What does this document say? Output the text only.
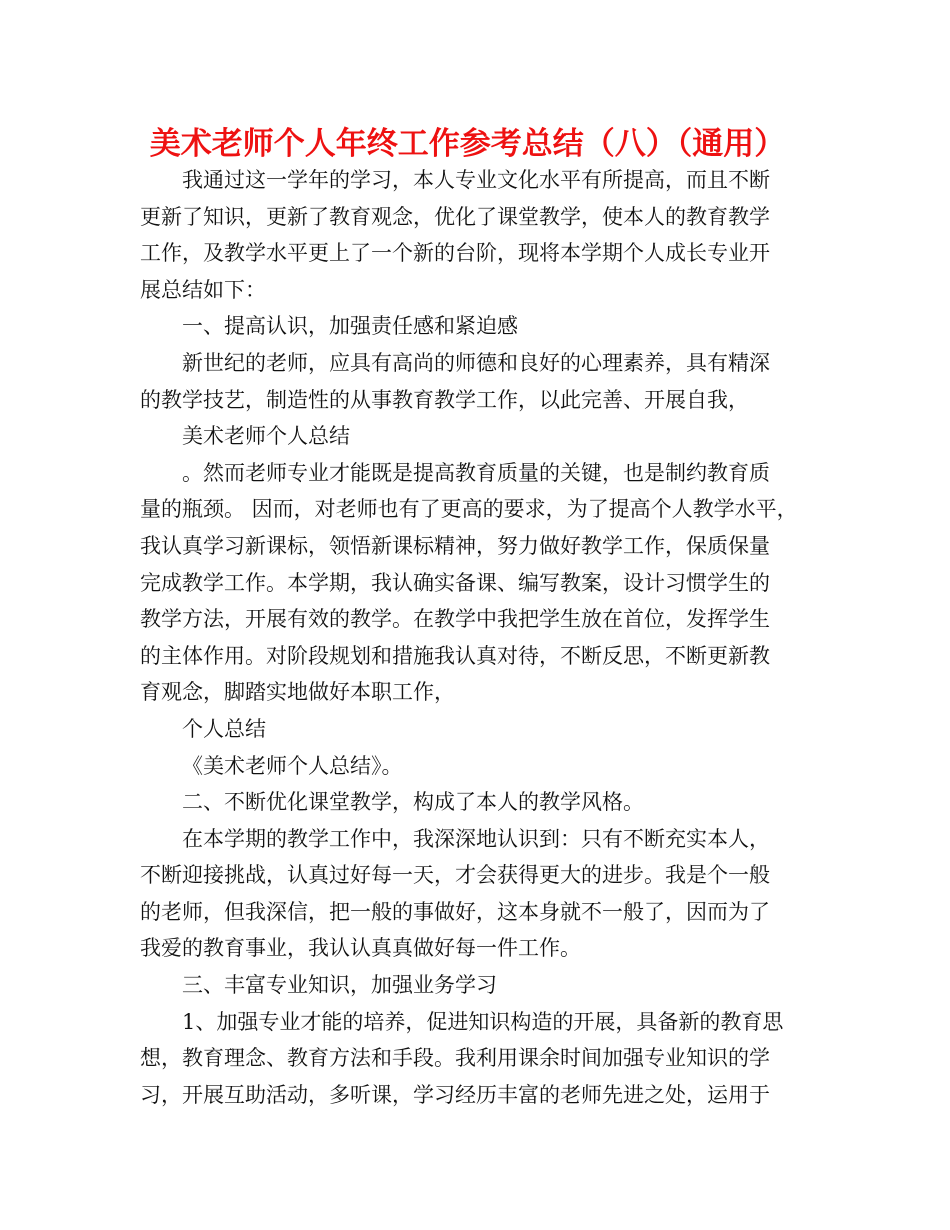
美术老师个人年终工作参考总结（八）（通用）

我通过这一学年的学习，本人专业文化水平有所提高，而且不断
更新了知识，更新了教育观念，优化了课堂教学，使本人的教育教学
工作，及教学水平更上了一个新的台阶，现将本学期个人成长专业开
展总结如下：

一、提高认识，加强责任感和紧迫感

新世纪的老师，应具有高尚的师德和良好的心理素养，具有精深
的教学技艺，制造性的从事教育教学工作，以此完善、开展自我，

美术老师个人总结

。然而老师专业才能既是提高教育质量的关键，也是制约教育质
量的瓶颈。 因而，对老师也有了更高的要求，为了提高个人教学水平，
我认真学习新课标，领悟新课标精神，努力做好教学工作，保质保量
完成教学工作。本学期，我认确实备课、编写教案，设计习惯学生的
教学方法，开展有效的教学。在教学中我把学生放在首位，发挥学生
的主体作用。对阶段规划和措施我认真对待，不断反思，不断更新教
育观念，脚踏实地做好本职工作，

个人总结

《美术老师个人总结》。

二、不断优化课堂教学，构成了本人的教学风格。

在本学期的教学工作中，我深深地认识到：只有不断充实本人，
不断迎接挑战，认真过好每一天，才会获得更大的进步。我是个一般
的老师，但我深信，把一般的事做好，这本身就不一般了，因而为了
我爱的教育事业，我认认真真做好每一件工作。

三、丰富专业知识，加强业务学习

1、加强专业才能的培养，促进知识构造的开展，具备新的教育思
想，教育理念、教育方法和手段。我利用课余时间加强专业知识的学
习，开展互助活动，多听课，学习经历丰富的老师先进之处，运用于
